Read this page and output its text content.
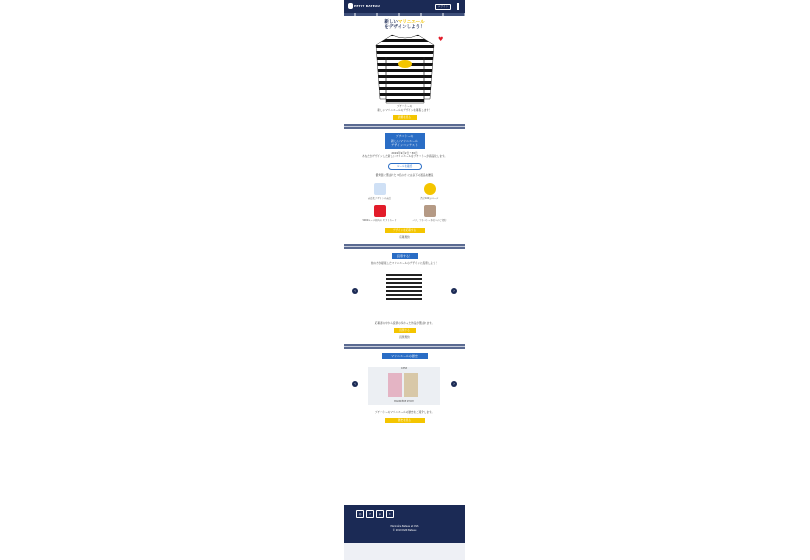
PETIT BATEAU	ログイン
新しいマリニエール
をデザインしよう！
♥
プチバトーの
新しいマリニエールのデザインを募集します！
詳細を見る
プチバトーの
新しいマリニエール
デザインコンテスト
2019年9月2日～30日
あなたがデザインした新しいマリニエールをプチバトーが商品化します。
ルールを確認
優秀賞に選ばれた 3名の方 には以下の賞品を贈呈
商品化デザインの商品	賞金100万ユーロ
5000ユーロ相当の ギフトカード	パリ、プチバトー本社へのご招待
デザインを応募する
応募規約
投票する！
他の方が提案したマリニエールのデザインに投票しよう！
‹	›
応募者の中から投票の多かった作品が選ばれます。
投票する
投票規約
マリニエールの歴史
‹
1858
MARINIÈRE STORY
›
プチバトーのマリニエールの歴史をご紹介します。
歴史を見る
◎	f	p	t
Marinière Bateau et CSS
© 2019 Petit Bateau
